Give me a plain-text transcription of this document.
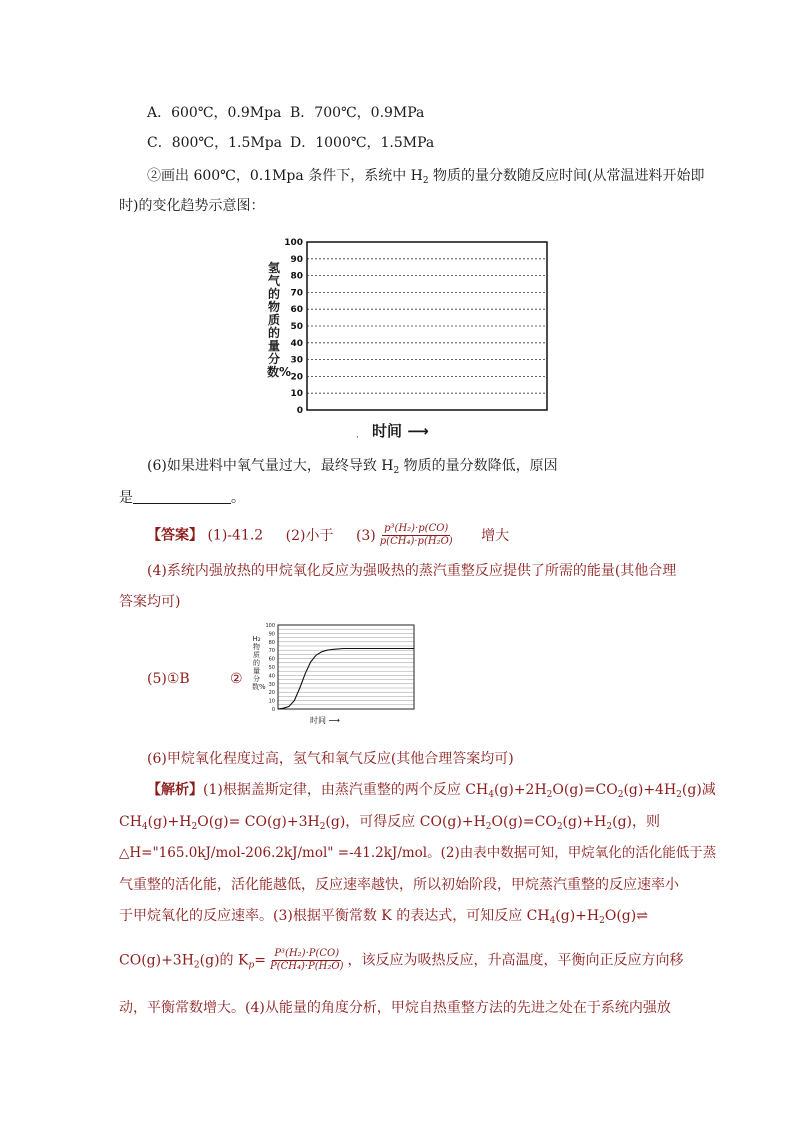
A．600℃，0.9Mpa B．700℃，0.9MPa
C．800℃，1.5Mpa D．1000℃，1.5MPa
②画出 600℃，0.1Mpa 条件下，系统中 $H_2$ 物质的量分数随反应时间(从常温进料开始即
时)的变化趋势示意图：
氢气的物质的量分数%
100
90
80
70
60
50
40
30
20
10
0
时间 ⟶
·
(6)如果进料中氧气量过大，最终导致 $H_2$ 物质的量分数降低，原因
是	。
【答案】 (1)-41.2 (2)小于 $(3) \frac{\text{p³(H₂)·p(CO)}}{\text{p(CH₄)·p(H₂O)}}$ 增大
(4)系统内强放热的甲烷氧化反应为强吸热的蒸汽重整反应提供了所需的能量(其他合理
答案均可)
(5)①B	②
H₂物质的量分数%
100
90
80
70
60
50
40
30
20
10
0
时间 ⟶
(6)甲烷氧化程度过高，氢气和氧气反应(其他合理答案均可)
【解析】(1)根据盖斯定律，由蒸汽重整的两个反应 $CH_4(g)+2H_2O(g)=CO_2(g)+4H_2(g)$减
$CH_4(g)+H_2O(g)= CO(g)+3H_2(g)$，可得反应 $CO(g)+H_2O(g)=CO_2(g)+H_2(g)$，则
△H="165.0kJ/mol-206.2kJ/mol" =-41.2kJ/mol。(2)由表中数据可知，甲烷氧化的活化能低于蒸
气重整的活化能，活化能越低，反应速率越快，所以初始阶段，甲烷蒸汽重整的反应速率小
于甲烷氧化的反应速率。(3)根据平衡常数 K 的表达式，可知反应 $CH_4(g)+H_2O(g)\rightleftharpoons$
$CO(g)+3H_2(g)$的 $K_p= \frac{\text{P³(H₂)·P(CO)}}{\text{P(CH₄)·P(H₂O)}}$ ，该反应为吸热反应，升高温度，平衡向正反应方向移
动，平衡常数增大。(4)从能量的角度分析，甲烷自热重整方法的先进之处在于系统内强放
